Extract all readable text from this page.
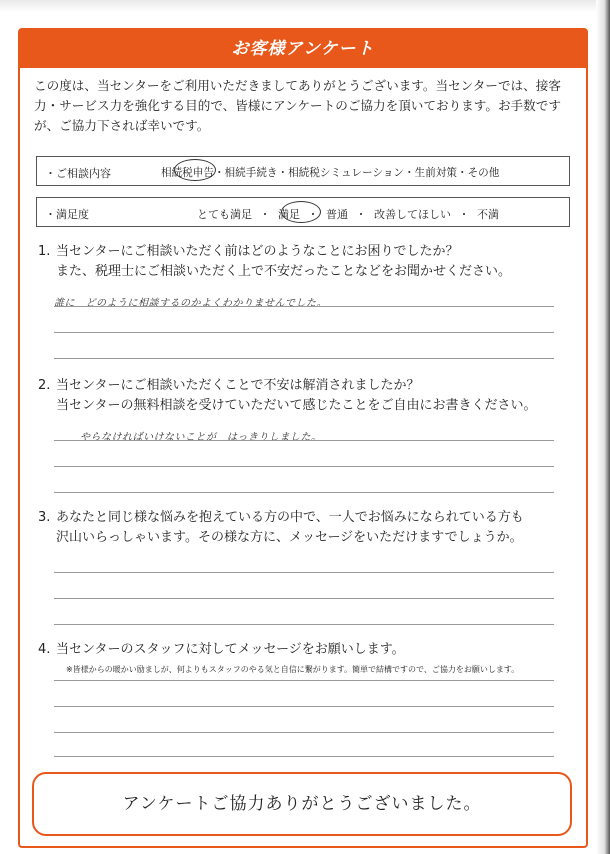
お客様アンケート
この度は、当センターをご利用いただきましてありがとうございます。当センターでは、接客力・サービス力を強化する目的で、皆様にアンケートのご協力を頂いております。お手数ですが、ご協力下されば幸いです。
・ご相談内容	相続税申告・相続手続き・相続税シミュレーション・生前対策・その他
・満足度	とても満足 ・ 満足 ・ 普通 ・ 改善してほしい ・ 不満
1. 当センターにご相談いただく前はどのようなことにお困りでしたか？
また、税理士にご相談いただく上で不安だったことなどをお聞かせください。
誰に　どのように相談するのかよくわかりませんでした。
2. 当センターにご相談いただくことで不安は解消されましたか？
当センターの無料相談を受けていただいて感じたことをご自由にお書きください。
やらなければいけないことが　はっきりしました。
3. あなたと同じ様な悩みを抱えている方の中で、一人でお悩みになられている方も
沢山いらっしゃいます。その様な方に、メッセージをいただけますでしょうか。
4. 当センターのスタッフに対してメッセージをお願いします。
※皆様からの暖かい励ましが、何よりもスタッフのやる気と自信に繋がります。簡単で結構ですので、ご協力をお願いします。
アンケートご協力ありがとうございました。
